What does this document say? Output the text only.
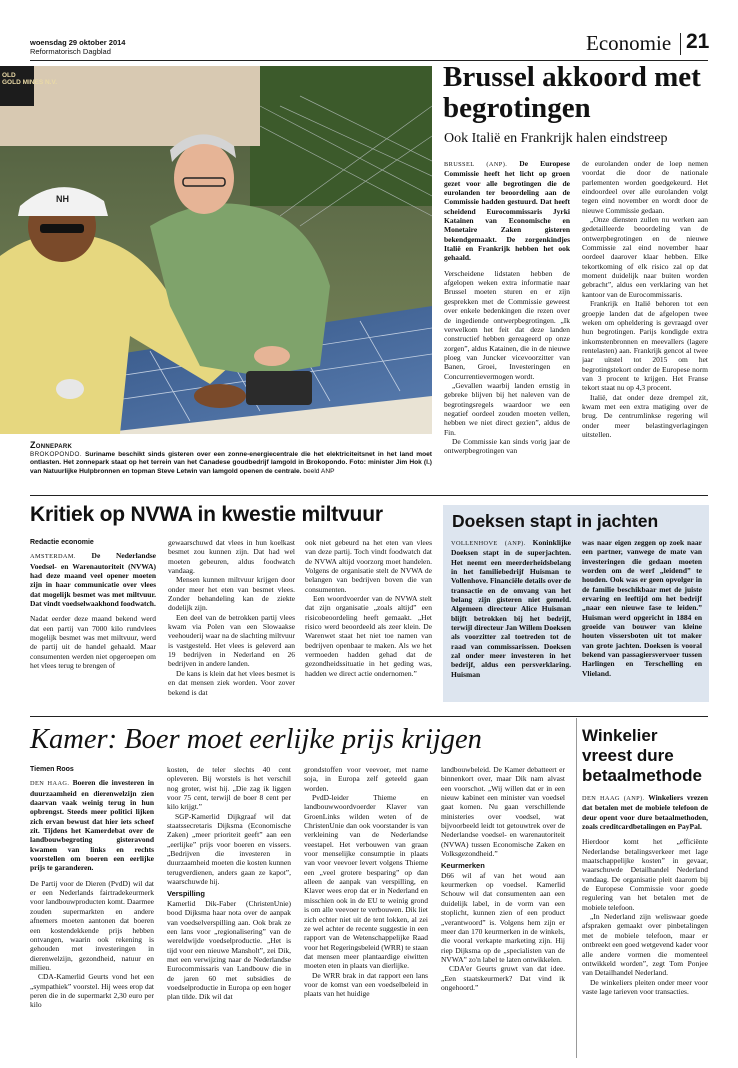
woensdag 29 oktober 2014
Reformatorisch Dagblad	Economie 21
OLD
GOLD MINES N.V.
NH
Zonnepark
BROKOPONDO. Suriname beschikt sinds gisteren over een zonne-energiecentrale die het elektriciteitsnet in het land moet ontlasten. Het zonnepark staat op het terrein van het Canadese goudbedrijf Iamgold in Brokopondo. Foto: minister Jim Hok (l.) van Natuurlijke Hulpbronnen en topman Steve Letwin van Iamgold openen de centrale. beeld ANP
Brussel akkoord met begrotingen
Ook Italië en Frankrijk halen eindstreep

BRUSSEL (ANP). De Europese Commissie heeft het licht op groen gezet voor alle begrotingen die de eurolanden ter beoordeling aan de Commissie hadden gestuurd. Dat heeft scheidend Eurocommissaris Jyrki Katainen van Economische en Monetaire Zaken gisteren bekendgemaakt. De zorgenkindjes Italië en Frankrijk hebben het ook gehaald.

Verscheidene lidstaten hebben de afgelopen weken extra informatie naar Brussel moeten sturen en er zijn gesprekken met de Commissie geweest over enkele bedenkingen die rezen over de ingediende ontwerpbegrotingen. „Ik verwelkom het feit dat deze landen constructief hebben gereageerd op onze zorgen”, aldus Katainen, die in de nieuwe ploeg van Juncker vicevoorzitter van Banen, Groei, Investeringen en Concurrentievermogen wordt.

„Gevallen waarbij landen ernstig in gebreke blijven bij het naleven van de begrotingsregels waardoor we een negatief oordeel zouden moeten vellen, hebben we niet direct gezien”, aldus de Fin.

De Commissie kan sinds vorig jaar de ontwerpbegrotingen van

de eurolanden onder de loep nemen voordat die door de nationale parlementen worden goedgekeurd. Het eindoordeel over alle eurolanden volgt tegen eind november en wordt door de nieuwe Commissie gedaan.

„Onze diensten zullen nu werken aan gedetailleerde beoordeling van de ontwerpbegrotingen en de nieuwe Commissie zal eind november haar oordeel daarover klaar hebben. Elke tekortkoming of elk risico zal op dat moment duidelijk naar buiten worden gebracht”, aldus een verklaring van het kantoor van de Eurocommissaris.

Frankrijk en Italië behoren tot een groepje landen dat de afgelopen twee weken om opheldering is gevraagd over hun begrotingen. Parijs kondigde extra inkomstenbronnen en meevallers (lagere rentelasten) aan. Frankrijk gencot al twee jaar uitstel tot 2015 om het begrotingstekort onder de Europese norm van 3 procent te krijgen. Het Franse tekort staat nu op 4,3 procent.

Italië, dat onder deze drempel zit, kwam met een extra matiging over de brug. De centrumlinkse regering wil onder meer belastingverlagingen uitstellen.

Kritiek op NVWA in kwestie miltvuur
Redactie economie

AMSTERDAM. De Nederlandse Voedsel- en Warenautoriteit (NVWA) had deze maand veel opener moeten zijn in haar communicatie over vlees dat mogelijk besmet was met miltvuur. Dat vindt voedselwaakhond foodwatch.

Nadat eerder deze maand bekend werd dat een partij van 7000 kilo rundvlees mogelijk besmet was met miltvuur, werd de partij uit de handel gehaald. Maar consumenten werden niet opgeroepen om het vlees terug te brengen of

gewaarschuwd dat vlees in hun koelkast besmet zou kunnen zijn. Dat had wel moeten gebeuren, aldus foodwatch vandaag.

Mensen kunnen miltvuur krijgen door onder meer het eten van besmet vlees. Zonder behandeling kan de ziekte dodelijk zijn.

Een deel van de betrokken partij vlees kwam via Polen van een Slowaakse veehouderij waar na de slachting miltvuur is vastgesteld. Het vlees is geleverd aan 19 bedrijven in Nederland en 26 bedrijven in andere landen.

De kans is klein dat het vlees besmet is en dat mensen ziek worden. Voor zover bekend is dat

ook niet gebeurd na het eten van vlees van deze partij. Toch vindt foodwatch dat de NVWA altijd voorzorg moet handelen. Volgens de organisatie stelt de NVWA de belangen van bedrijven boven die van consumenten.

Een woordvoerder van de NVWA stelt dat zijn organisatie „zoals altijd” een risicobeoordeling heeft gemaakt. „Het risico werd beoordeeld als zeer klein. De Warenwet staat het niet toe namen van bedrijven openbaar te maken. Als we het vermoeden hadden gehad dat de gezondheidssituatie in het geding was, hadden we direct actie ondernomen.”

Doeksen stapt in jachten

VOLLENHOVE (ANP). Koninklijke Doeksen stapt in de superjachten. Het neemt een meerderheidsbelang in het familiebedrijf Huisman te Vollenhove. Financiële details over de transactie en de omvang van het belang zijn gisteren niet gemeld. Algemeen directeur Alice Huisman blijft betrokken bij het bedrijf, terwijl directeur Jan Willem Doeksen als voorzitter zal toetreden tot de raad van commissarissen. Doeksen zal onder meer investeren in het bedrijf, aldus een persverklaring. Huisman

was naar eigen zeggen op zoek naar een partner, vanwege de mate van investeringen die gedaan moeten worden om de werf „leidend” te houden. Ook was er geen opvolger in de familie beschikbaar met de juiste ervaring en leeftijd om het bedrijf „naar een nieuwe fase te leiden.” Huisman werd opgericht in 1884 en groeide van bouwer van kleine houten vissersboten uit tot maker van grote jachten. Doeksen is vooral bekend van passagiersvervoer tussen Harlingen en Terschelling en Vlieland.

Kamer: Boer moet eerlijke prijs krijgen
Tiemen Roos

DEN HAAG. Boeren die investeren in duurzaamheid en dierenwelzijn zien daarvan vaak weinig terug in hun opbrengst. Steeds meer politici lijken zich ervan bewust dat hier iets scheef zit. Tijdens het Kamerdebat over de landbouwbegroting gisteravond kwamen van links en rechts voorstellen om boeren een eerlijke prijs te garanderen.

De Partij voor de Dieren (PvdD) wil dat er een Nederlands fairtradekeurmerk voor landbouwproducten komt. Daarmee zouden supermarkten en andere afnemers moeten aantonen dat boeren een kostendekkende prijs hebben ontvangen, waarin ook rekening is gehouden met investeringen in dierenwelzijn, gezondheid, natuur en milieu.

CDA-Kamerlid Geurts vond het een „sympathiek” voorstel. Hij wees erop dat peren die in de supermarkt 2,30 euro per kilo

kosten, de teler slechts 40 cent opleveren. Bij worstels is het verschil nog groter, wist hij. „Die zag ik liggen voor 75 cent, terwijl de boer 8 cent per kilo krijgt.”

SGP-Kamerlid Dijkgraaf wil dat staatssecretaris Dijksma (Economische Zaken) „meer prioriteit geeft” aan een „eerlijke” prijs voor boeren en vissers. „Bedrijven die investeren in duurzaamheid moeten die kosten kunnen terugverdienen, anders gaan ze kapot”, waarschuwde hij.

Verspilling

Kamerlid Dik-Faber (ChristenUnie) bood Dijksma haar nota over de aanpak van voedselverspilling aan. Ook brak ze een lans voor „regionalisering” van de wereldwijde voedselproductie. „Het is tijd voor een nieuwe Mansholt”, zei Dik, met een verwijzing naar de Nederlandse Eurocommissaris van Landbouw die in de jaren 60 met subsidies de voedselproductie in Europa op een hoger plan tilde. Dik wil dat

grondstoffen voor veevoer, met name soja, in Europa zelf geteeld gaan worden.

PvdD-leider Thieme en landbouwwoordvoerder Klaver van GroenLinks wilden weten of de ChristenUnie dan ook voorstander is van verkleining van de Nederlandse veestapel. Het verbouwen van graan voor menselijke consumptie in plaats van voor veevoer levert volgens Thieme een „veel grotere besparing” op dan alleen de aanpak van verspilling, en Klaver wees erop dat er in Nederland en misschien ook in de EU te weinig grond is om alle veevoer te verbouwen. Dik liet zich echter niet uit de tent lokken, al zei ze wel achter de recente suggestie in een rapport van de Wetenschappelijke Raad voor het Regeringsbeleid (WRR) te staan dat mensen meer plantaardige eiwitten moeten eten in plaats van dierlijke.

De WRR brak in dat rapport een lans voor de komst van een voedselbeleid in plaats van het huidige

landbouwbeleid. De Kamer debatteert er binnenkort over, maar Dik nam alvast een voorschot. „Wij willen dat er in een nieuw kabinet een minister van voedsel gaat komen. Nu gaan verschillende ministeries over voedsel, wat bijvoorbeeld leidt tot getouwtrek over de Nederlandse voedsel- en warenautoriteit (NVWA) tussen Economische Zaken en Volksgezondheid.”

Keurmerken

D66 wil af van het woud aan keurmerken op voedsel. Kamerlid Schouw wil dat consumenten aan een duidelijk label, in de vorm van een stoplicht, kunnen zien of een product „verantwoord” is. Volgens hem zijn er meer dan 170 keurmerken in de winkels, die vooral verkapte marketing zijn. Hij riep Dijksma op de „specialisten van de NVWA” zo'n label te laten ontwikkelen.

CDA'er Geurts gruwt van dat idee. „Een staatskeurmerk? Dat vind ik ongehoord.”

Winkelier vreest dure betaalmethode

DEN HAAG (ANP). Winkeliers vrezen dat betalen met de mobiele telefoon de deur opent voor dure betaalmethoden, zoals creditcardbetalingen en PayPal.

Hierdoor komt het „efficiënte Nederlandse betalingsverkeer met lage maatschappelijke kosten” in gevaar, waarschuwde Detailhandel Nederland vandaag. De organisatie pleit daarom bij de Europese Commissie voor goede regulering van het betalen met de mobiele telefoon.

„In Nederland zijn weliswaar goede afspraken gemaakt over pinbetalingen met de mobiele telefoon, maar er ontbreekt een goed wetgevend kader voor alle andere vormen die momenteel ontwikkeld worden”, zegt Tom Ponjee van Detailhandel Nederland.

De winkeliers pleiten onder meer voor vaste lage tarieven voor transacties.
